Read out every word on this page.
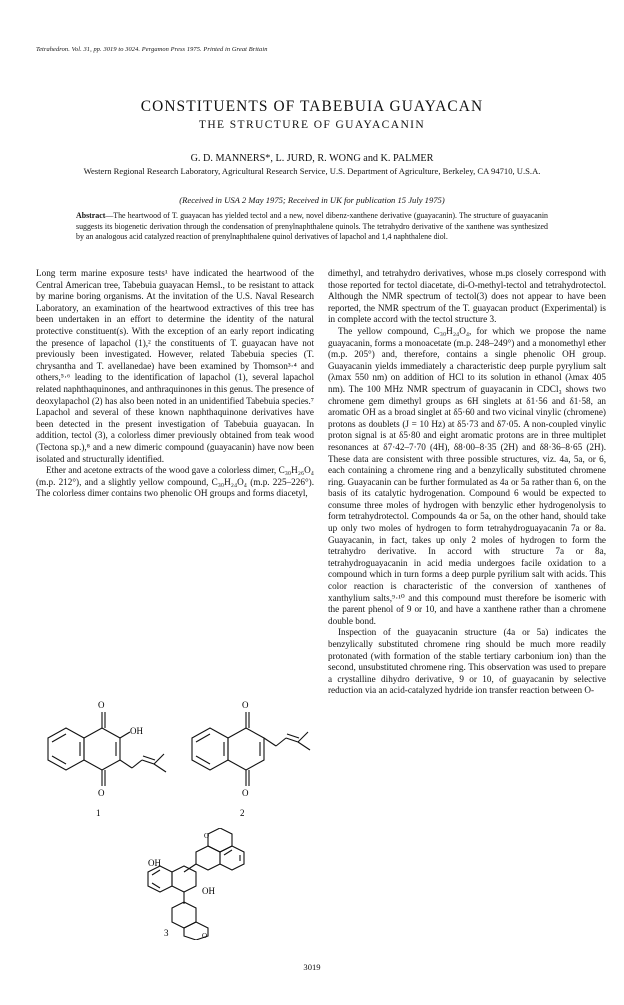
Tetrahedron. Vol. 31, pp. 3019 to 3024. Pergamon Press 1975. Printed in Great Britain
CONSTITUENTS OF TABEBUIA GUAYACAN
THE STRUCTURE OF GUAYACANIN
G. D. MANNERS*, L. JURD, R. WONG and K. PALMER
Western Regional Research Laboratory, Agricultural Research Service, U.S. Department of Agriculture, Berkeley, CA 94710, U.S.A.
(Received in USA 2 May 1975; Received in UK for publication 15 July 1975)
Abstract—The heartwood of T. guayacan has yielded tectol and a new, novel dibenz-xanthene derivative (guayacanin). The structure of guayacanin suggests its biogenetic derivation through the condensation of prenylnaphthalene quinols. The tetrahydro derivative of the xanthene was synthesized by an analogous acid catalyzed reaction of prenylnaphthalene quinol derivatives of lapachol and 1,4 naphthalene diol.

Long term marine exposure tests¹ have indicated the heartwood of the Central American tree, Tabebuia guayacan Hemsl., to be resistant to attack by marine boring organisms. At the invitation of the U.S. Naval Research Laboratory, an examination of the heartwood extractives of this tree has been undertaken in an effort to determine the identity of the natural protective constituent(s). With the exception of an early report indicating the presence of lapachol (1),² the constituents of T. guayacan have not previously been investigated. However, related Tabebuia species (T. chrysantha and T. avellanedae) have been examined by Thomson³·⁴ and others,⁵·⁶ leading to the identification of lapachol (1), several lapachol related naphthaquinones, and anthraquinones in this genus. The presence of deoxylapachol (2) has also been noted in an unidentified Tabebuia species.⁷ Lapachol and several of these known naphthaquinone derivatives have been detected in the present investigation of Tabebuia guayacan. In addition, tectol (3), a colorless dimer previously obtained from teak wood (Tectona sp.),⁸ and a new dimeric compound (guayacanin) have now been isolated and structurally identified.

Ether and acetone extracts of the wood gave a colorless dimer, C₃₀H₂₆O₄ (m.p. 212°), and a slightly yellow compound, C₃₀H₂₄O₄ (m.p. 225–226°). The colorless dimer contains two phenolic OH groups and forms diacetyl,

dimethyl, and tetrahydro derivatives, whose m.ps closely correspond with those reported for tectol diacetate, di-O-methyl-tectol and tetrahydrotectol. Although the NMR spectrum of tectol(3) does not appear to have been reported, the NMR spectrum of the T. guayacan product (Experimental) is in complete accord with the tectol structure 3.

The yellow compound, C₃₀H₂₄O₄, for which we propose the name guayacanin, forms a monoacetate (m.p. 248–249°) and a monomethyl ether (m.p. 205°) and, therefore, contains a single phenolic OH group. Guayacanin yields immediately a characteristic deep purple pyrylium salt (λmax 550 nm) on addition of HCl to its solution in ethanol (λmax 405 nm). The 100 MHz NMR spectrum of guayacanin in CDCl₃ shows two chromene gem dimethyl groups as 6H singlets at δ1·56 and δ1·58, an aromatic OH as a broad singlet at δ5·60 and two vicinal vinylic (chromene) protons as doublets (J = 10 Hz) at δ5·73 and δ7·05. A non-coupled vinylic proton signal is at δ5·80 and eight aromatic protons are in three multiplet resonances at δ7·42–7·70 (4H), δ8·00–8·35 (2H) and δ8·36–8·65 (2H). These data are consistent with three possible structures, viz. 4a, 5a, or 6, each containing a chromene ring and a benzylically substituted chromene ring. Guayacanin can be further formulated as 4a or 5a rather than 6, on the basis of its catalytic hydrogenation. Compound 6 would be expected to consume three moles of hydrogen with benzylic ether hydrogenolysis to form tetrahydrotectol. Compounds 4a or 5a, on the other hand, should take up only two moles of hydrogen to form tetrahydroguayacanin 7a or 8a. Guayacanin, in fact, takes up only 2 moles of hydrogen to form the tetrahydro derivative. In accord with structure 7a or 8a, tetrahydroguayacanin in acid media undergoes facile oxidation to a compound which in turn forms a deep purple pyrilium salt with acids. This color reaction is characteristic of the conversion of xanthenes of xanthylium salts,⁹·¹⁰ and this compound must therefore be isomeric with the parent phenol of 9 or 10, and have a xanthene rather than a chromene double bond.

Inspection of the guayacanin structure (4a or 5a) indicates the benzylically substituted chromene ring should be much more readily protonated (with formation of the stable tertiary carbonium ion) than the second, unsubstituted chromene ring. This observation was used to prepare a crystalline dihydro derivative, 9 or 10, of guayacanin by selective reduction via an acid-catalyzed hydride ion transfer reaction between O-

O
O
OH
1
O
O
2
O
O
OH
OH
3
3019
